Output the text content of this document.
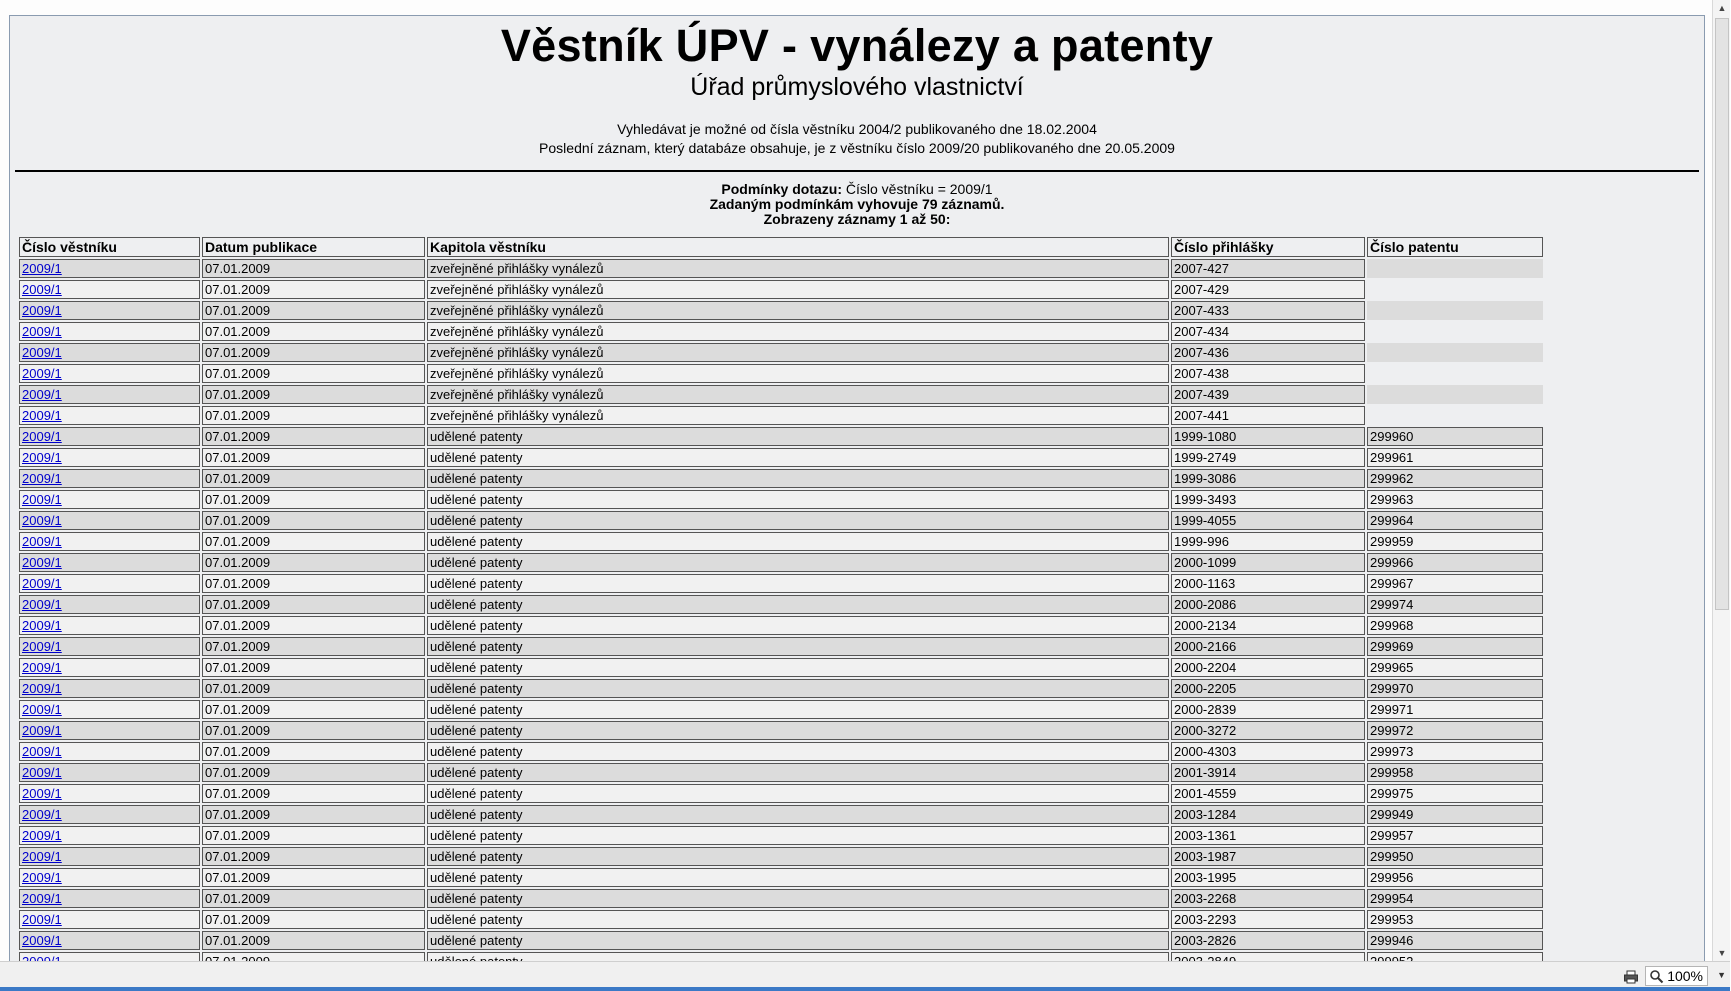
Věstník ÚPV - vynálezy a patenty
Úřad průmyslového vlastnictví
Vyhledávat je možné od čísla věstníku 2004/2 publikovaného dne 18.02.2004
Poslední záznam, který databáze obsahuje, je z věstníku číslo 2009/20 publikovaného dne 20.05.2009
Podmínky dotazu: Číslo věstníku = 2009/1
Zadaným podmínkám vyhovuje 79 záznamů.
Zobrazeny záznamy 1 až 50:
Číslo věstníku	Datum publikace	Kapitola věstníku	Číslo přihlášky	Číslo patentu
2009/1	07.01.2009	zveřejněné přihlášky vynálezů	2007-427	
2009/1	07.01.2009	zveřejněné přihlášky vynálezů	2007-429	
2009/1	07.01.2009	zveřejněné přihlášky vynálezů	2007-433	
2009/1	07.01.2009	zveřejněné přihlášky vynálezů	2007-434	
2009/1	07.01.2009	zveřejněné přihlášky vynálezů	2007-436	
2009/1	07.01.2009	zveřejněné přihlášky vynálezů	2007-438	
2009/1	07.01.2009	zveřejněné přihlášky vynálezů	2007-439	
2009/1	07.01.2009	zveřejněné přihlášky vynálezů	2007-441	
2009/1	07.01.2009	udělené patenty	1999-1080	299960
2009/1	07.01.2009	udělené patenty	1999-2749	299961
2009/1	07.01.2009	udělené patenty	1999-3086	299962
2009/1	07.01.2009	udělené patenty	1999-3493	299963
2009/1	07.01.2009	udělené patenty	1999-4055	299964
2009/1	07.01.2009	udělené patenty	1999-996	299959
2009/1	07.01.2009	udělené patenty	2000-1099	299966
2009/1	07.01.2009	udělené patenty	2000-1163	299967
2009/1	07.01.2009	udělené patenty	2000-2086	299974
2009/1	07.01.2009	udělené patenty	2000-2134	299968
2009/1	07.01.2009	udělené patenty	2000-2166	299969
2009/1	07.01.2009	udělené patenty	2000-2204	299965
2009/1	07.01.2009	udělené patenty	2000-2205	299970
2009/1	07.01.2009	udělené patenty	2000-2839	299971
2009/1	07.01.2009	udělené patenty	2000-3272	299972
2009/1	07.01.2009	udělené patenty	2000-4303	299973
2009/1	07.01.2009	udělené patenty	2001-3914	299958
2009/1	07.01.2009	udělené patenty	2001-4559	299975
2009/1	07.01.2009	udělené patenty	2003-1284	299949
2009/1	07.01.2009	udělené patenty	2003-1361	299957
2009/1	07.01.2009	udělené patenty	2003-1987	299950
2009/1	07.01.2009	udělené patenty	2003-1995	299956
2009/1	07.01.2009	udělené patenty	2003-2268	299954
2009/1	07.01.2009	udělené patenty	2003-2293	299953
2009/1	07.01.2009	udělené patenty	2003-2826	299946

▲
▼
100% ▼
